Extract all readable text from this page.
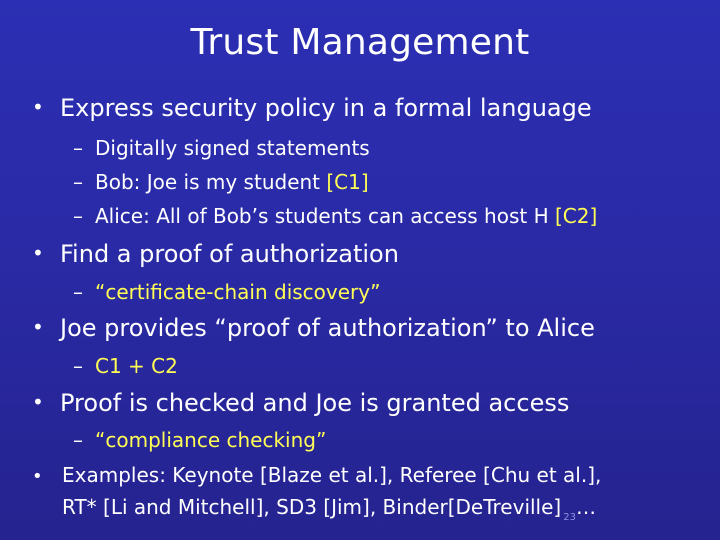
Trust Management
• Express security policy in a formal language
– Digitally signed statements
– Bob: Joe is my student [C1]
– Alice: All of Bob’s students can access host H [C2]
• Find a proof of authorization
– “certificate-chain discovery”
• Joe provides “proof of authorization” to Alice
– C1 + C2
• Proof is checked and Joe is granted access
– “compliance checking”
• Examples: Keynote [Blaze et al.], Referee [Chu et al.],
RT* [Li and Mitchell], SD3 [Jim], Binder[DeTreville] $_{23}$…
